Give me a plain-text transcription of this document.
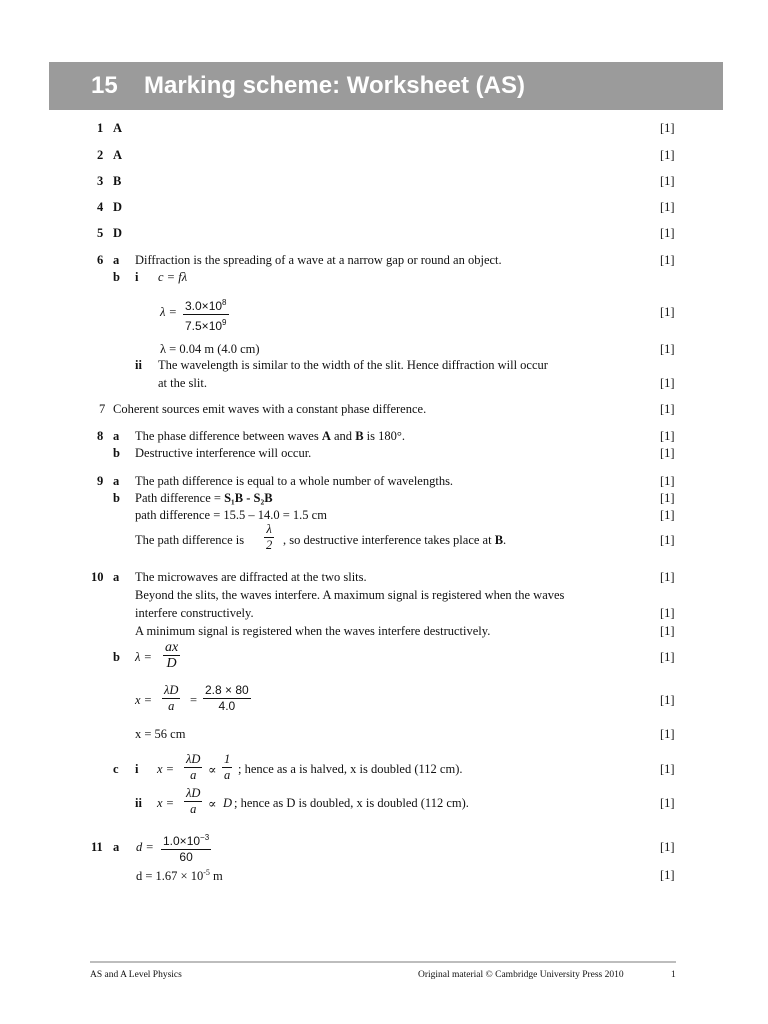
15 Marking scheme: Worksheet (AS)
1 A	[1]
2 A	[1]
3 B	[1]
4 D	[1]
5 D	[1]
6 a Diffraction is the spreading of a wave at a narrow gap or round an object.	[1]
b i c = fλ
$\lambda = \frac{3.0\times 10^8}{7.5\times 10^9}$	[1]
λ = 0.04 m (4.0 cm)	[1]
ii The wavelength is similar to the width of the slit. Hence diffraction will occur
at the slit.	[1]
7 Coherent sources emit waves with a constant phase difference.	[1]
8 a The phase difference between waves A and B is 180°.	[1]
b Destructive interference will occur.	[1]
9 a The path difference is equal to a whole number of wavelengths.	[1]
b Path difference = S₁B - S₂B	[1]
path difference = 15.5 – 14.0 = 1.5 cm	[1]
The path difference is $\frac{\lambda}{2}$ , so destructive interference takes place at B.	[1]
10 a The microwaves are diffracted at the two slits.	[1]
Beyond the slits, the waves interfere. A maximum signal is registered when the waves
interfere constructively.	[1]
A minimum signal is registered when the waves interfere destructively.	[1]
b $\lambda = \frac{ax}{D}$	[1]
$x = \frac{\lambda D}{a} = \frac{2.8 \times 80}{4.0}$	[1]
x = 56 cm	[1]
c i $x = \frac{\lambda D}{a} \propto \frac{1}{a}$ ; hence as a is halved, x is doubled (112 cm).	[1]
ii $x = \frac{\lambda D}{a} \propto D$ ; hence as D is doubled, x is doubled (112 cm).	[1]
11 a $d = \frac{1.0\times 10^{-3}}{60}$	[1]
$d = 1.67 \times 10^{-5}$ m	[1]
AS and A Level Physics	Original material © Cambridge University Press 2010	1
